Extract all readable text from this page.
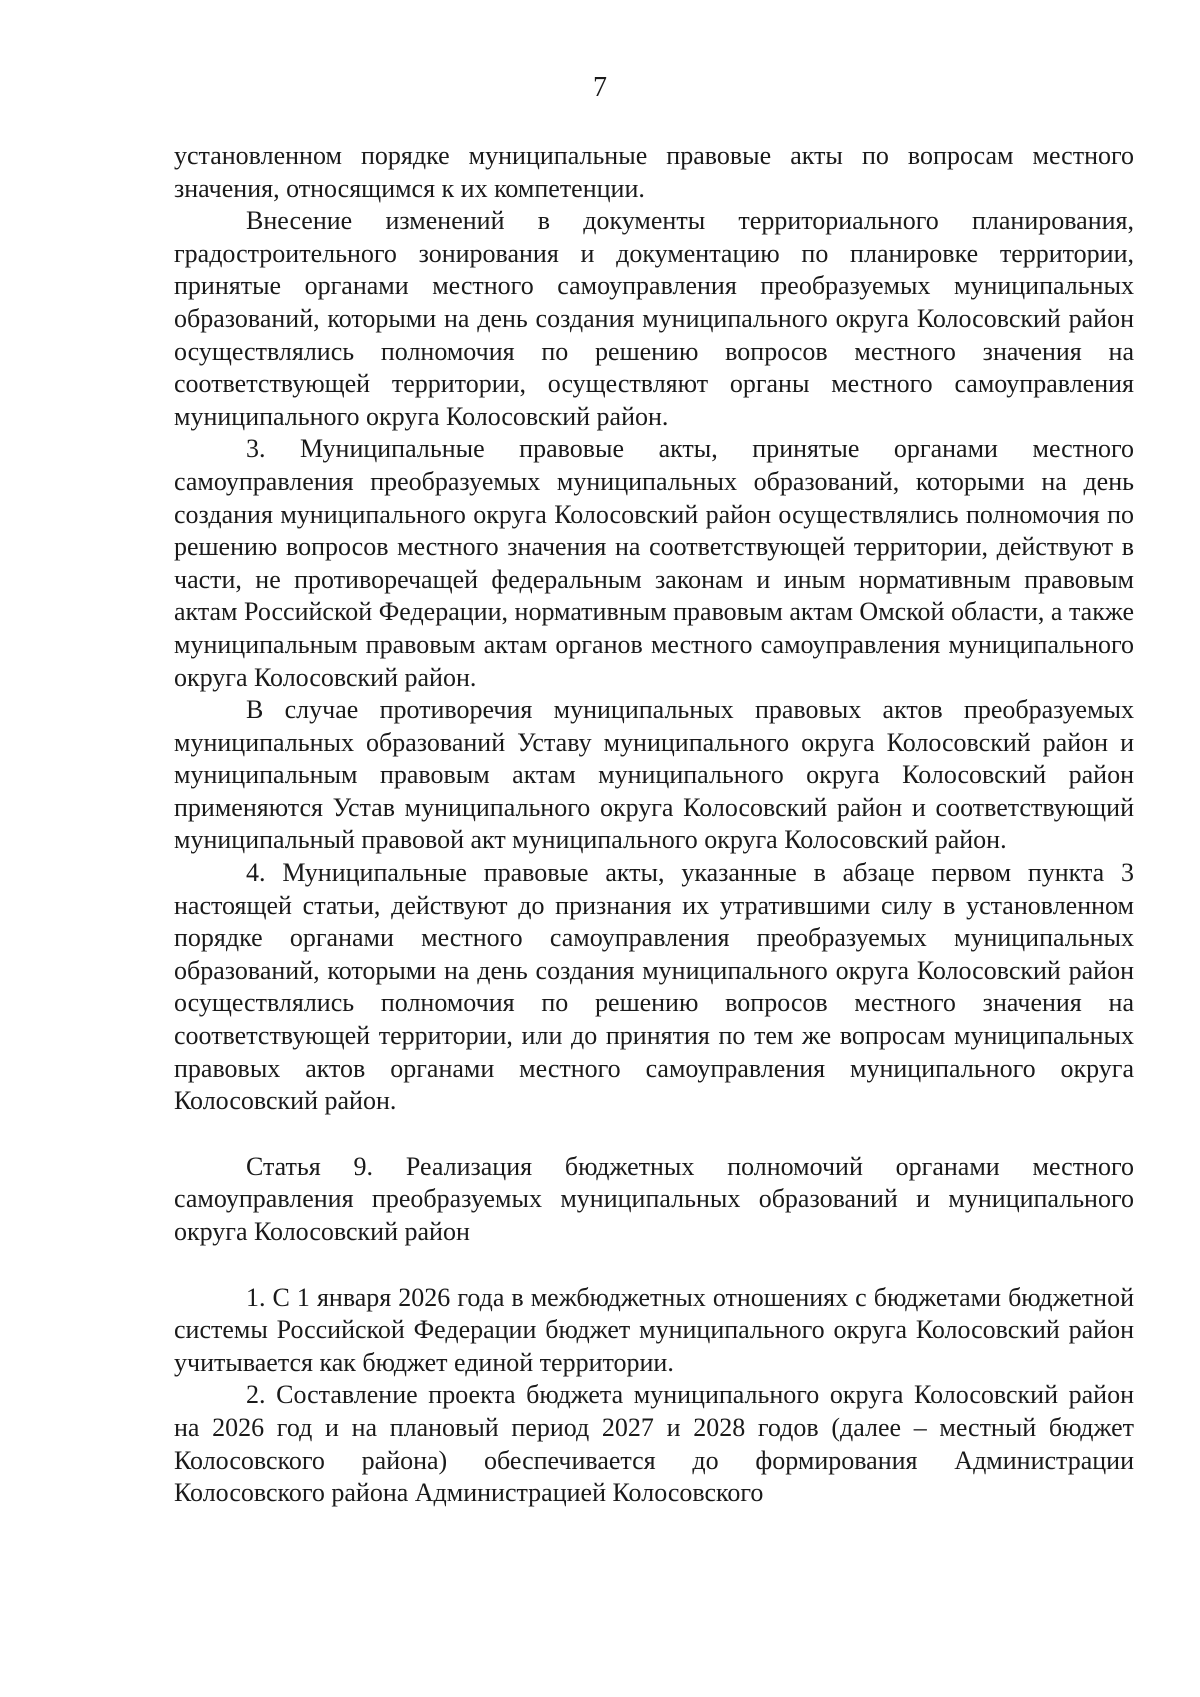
7

установленном порядке муниципальные правовые акты по вопросам местного значения, относящимся к их компетенции.

Внесение изменений в документы территориального планирования, градостроительного зонирования и документацию по планировке территории, принятые органами местного самоуправления преобразуемых муниципальных образований, которыми на день создания муниципального округа Колосовский район осуществлялись полномочия по решению вопросов местного значения на соответствующей территории, осуществляют органы местного самоуправления муниципального округа Колосовский район.

3. Муниципальные правовые акты, принятые органами местного самоуправления преобразуемых муниципальных образований, которыми на день создания муниципального округа Колосовский район осуществлялись полномочия по решению вопросов местного значения на соответствующей территории, действуют в части, не противоречащей федеральным законам и иным нормативным правовым актам Российской Федерации, нормативным правовым актам Омской области, а также муниципальным правовым актам органов местного самоуправления муниципального округа Колосовский район.

В случае противоречия муниципальных правовых актов преобразуемых муниципальных образований Уставу муниципального округа Колосовский район и муниципальным правовым актам муниципального округа Колосовский район применяются Устав муниципального округа Колосовский район и соответствующий муниципальный правовой акт муниципального округа Колосовский район.

4. Муниципальные правовые акты, указанные в абзаце первом пункта 3 настоящей статьи, действуют до признания их утратившими силу в установленном порядке органами местного самоуправления преобразуемых муниципальных образований, которыми на день создания муниципального округа Колосовский район осуществлялись полномочия по решению вопросов местного значения на соответствующей территории, или до принятия по тем же вопросам муниципальных правовых актов органами местного самоуправления муниципального округа Колосовский район.

Статья 9. Реализация бюджетных полномочий органами местного самоуправления преобразуемых муниципальных образований и муниципального округа Колосовский район

1. С 1 января 2026 года в межбюджетных отношениях с бюджетами бюджетной системы Российской Федерации бюджет муниципального округа Колосовский район учитывается как бюджет единой территории.

2. Составление проекта бюджета муниципального округа Колосовский район на 2026 год и на плановый период 2027 и 2028 годов (далее – местный бюджет Колосовского района) обеспечивается до формирования Администрации Колосовского района Администрацией Колосовского
